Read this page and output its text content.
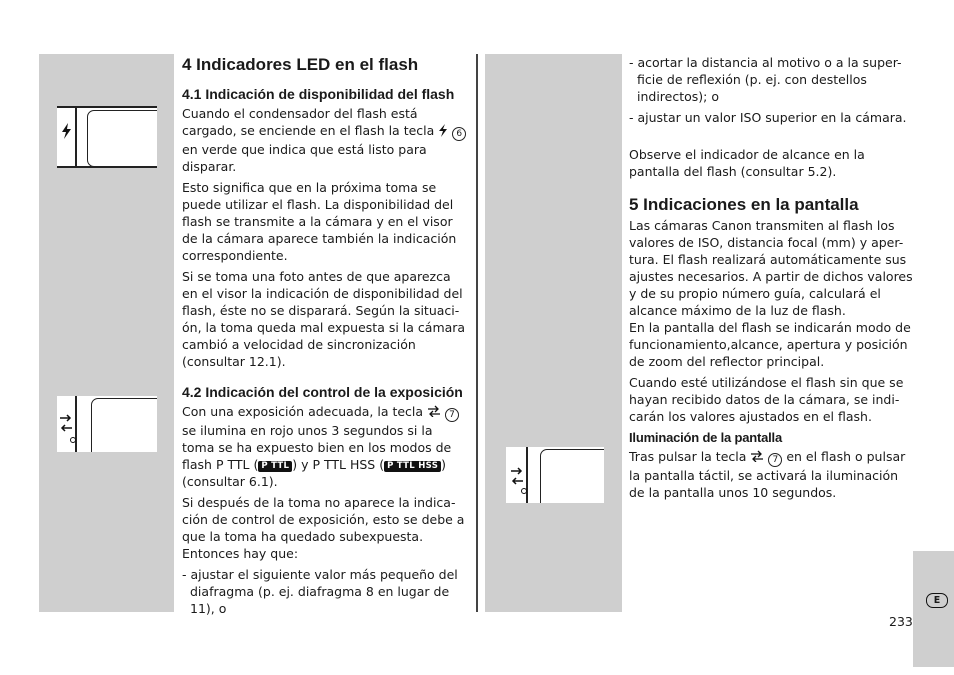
4 Indicadores LED en el flash
4.1 Indicación de disponibilidad del flash

Cuando el condensador del flash está cargado, se enciende en el flash la tecla  6 en verde que indica que está listo para disparar.

Esto significa que en la próxima toma se puede utilizar el flash. La disponibilidad del flash se transmite a la cámara y en el visor de la cámara aparece también la indicación correspondiente.

Si se toma una foto antes de que aparezca en el visor la indicación de disponibilidad del flash, éste no se disparará. Según la situaci-ón, la toma queda mal expuesta si la cámara cambió a velocidad de sincronización (consultar 12.1).

4.2 Indicación del control de la exposición

Con una exposición adecuada, la tecla  7 se ilumina en rojo unos 3 segundos si la toma se ha expuesto bien en los modos de flash P TTL ( P TTL ) y P TTL HSS ( P TTL HSS ) (consultar 6.1).

Si después de la toma no aparece la indica-ción de control de exposición, esto se debe a que la toma ha quedado subexpuesta. Entonces hay que:

- ajustar el siguiente valor más pequeño del diafragma (p. ej. diafragma 8 en lugar de 11), o

- acortar la distancia al motivo o a la super-ficie de reflexión (p. ej. con destellos indirectos); o

- ajustar un valor ISO superior en la cámara.

Observe el indicador de alcance en la pantalla del flash (consultar 5.2).

5 Indicaciones en la pantalla

Las cámaras Canon transmiten al flash los valores de ISO, distancia focal (mm) y aper-tura. El flash realizará automáticamente sus ajustes necesarios. A partir de dichos valores y de su propio número guía, calculará el alcance máximo de la luz de flash.

En la pantalla del flash se indicarán modo de funcionamiento,alcance, apertura y posición de zoom del reflector principal.

Cuando esté utilizándose el flash sin que se hayan recibido datos de la cámara, se indi-carán los valores ajustados en el flash.

Iluminación de la pantalla

Tras pulsar la tecla  7 en el flash o pulsar la pantalla táctil, se activará la iluminación de la pantalla unos 10 segundos.

E
233
